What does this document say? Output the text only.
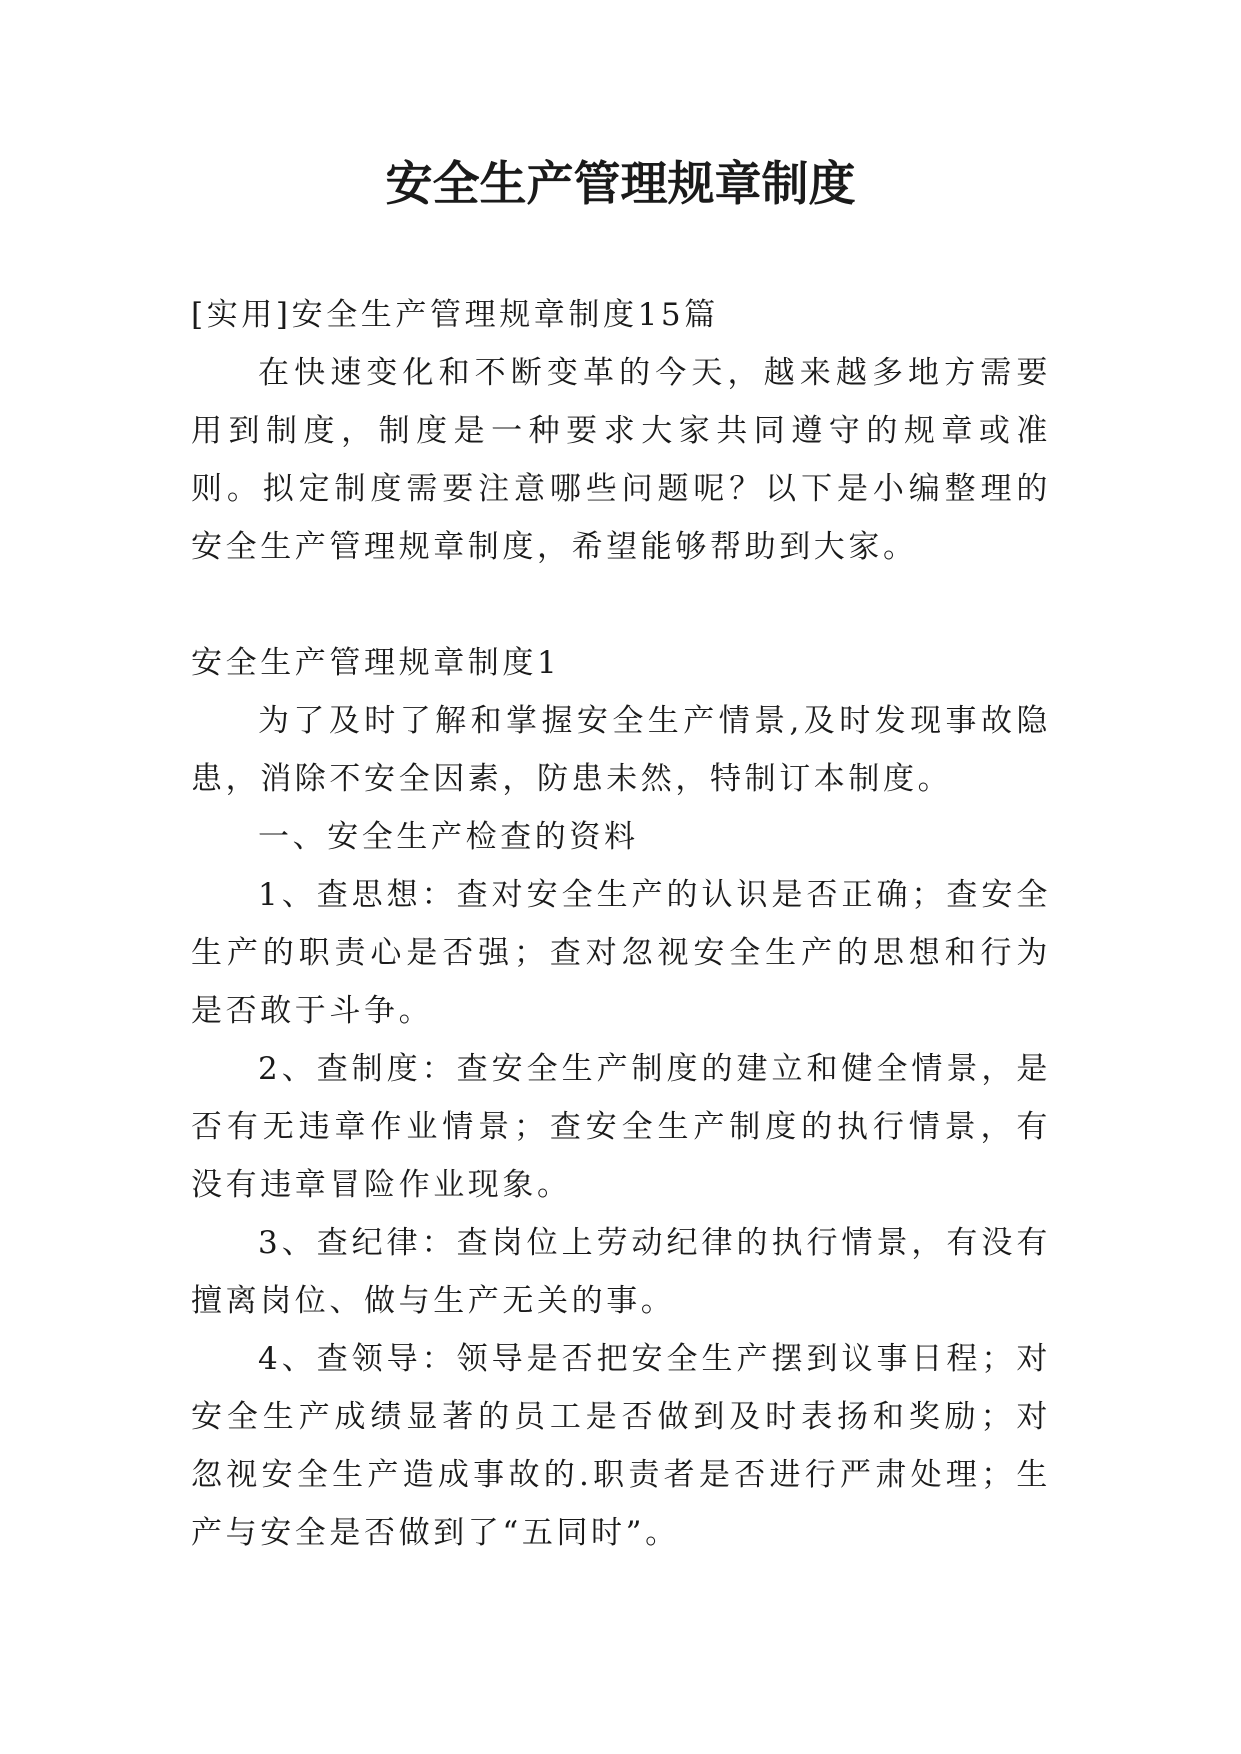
安全生产管理规章制度

[实用]安全生产管理规章制度15篇

在快速变化和不断变革的今天，越来越多地方需要用到制度，制度是一种要求大家共同遵守的规章或准则。拟定制度需要注意哪些问题呢？以下是小编整理的安全生产管理规章制度，希望能够帮助到大家。

安全生产管理规章制度1

为了及时了解和掌握安全生产情景,及时发现事故隐患，消除不安全因素，防患未然，特制订本制度。

一、安全生产检查的资料

1、查思想：查对安全生产的认识是否正确；查安全生产的职责心是否强；查对忽视安全生产的思想和行为是否敢于斗争。

2、查制度：查安全生产制度的建立和健全情景，是否有无违章作业情景；查安全生产制度的执行情景，有没有违章冒险作业现象。

3、查纪律：查岗位上劳动纪律的执行情景，有没有擅离岗位、做与生产无关的事。

4、查领导：领导是否把安全生产摆到议事日程；对安全生产成绩显著的员工是否做到及时表扬和奖励；对忽视安全生产造成事故的.职责者是否进行严肃处理；生产与安全是否做到了“五同时”。
